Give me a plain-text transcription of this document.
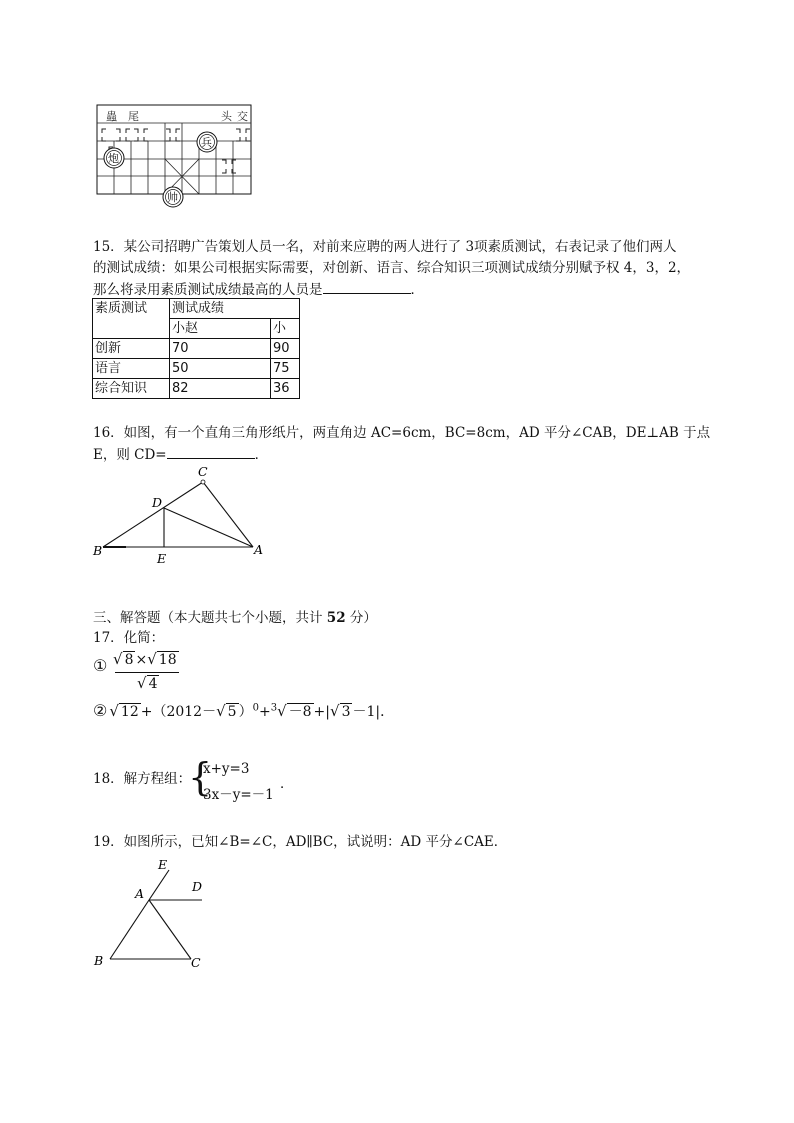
蟲 尾	头 交
兵
炮
帅
15．某公司招聘广告策划人员一名，对前来应聘的两人进行了 3项素质测试，右表记录了他们两人
的测试成绩：如果公司根据实际需要，对创新、语言、综合知识三项测试成绩分别赋予权 4，3，2，
那么将录用素质测试成绩最高的人员是	．
素质测试	测试成绩	
	小赵	小
创新	70	90
语言	50	75
综合知识	82	36
16．如图，有一个直角三角形纸片，两直角边 AC=6cm，BC=8cm，AD 平分∠CAB，DE⊥AB 于点
E，则 CD=	．
C
D
B
E
A
三、解答题（本大题共七个小题，共计 52 分）
17．化简：
① √ 8 ×√ 18
√ 4
② √ 12 +（2012－√ 5 ）$^0$+$^3$√ －8 +|√ 3 －1|．
18．解方程组：
{
x+y=3
3x－y=－1
．
19．如图所示，已知∠B=∠C，AD∥BC，试说明：AD 平分∠CAE．
E
A	D
B	C
